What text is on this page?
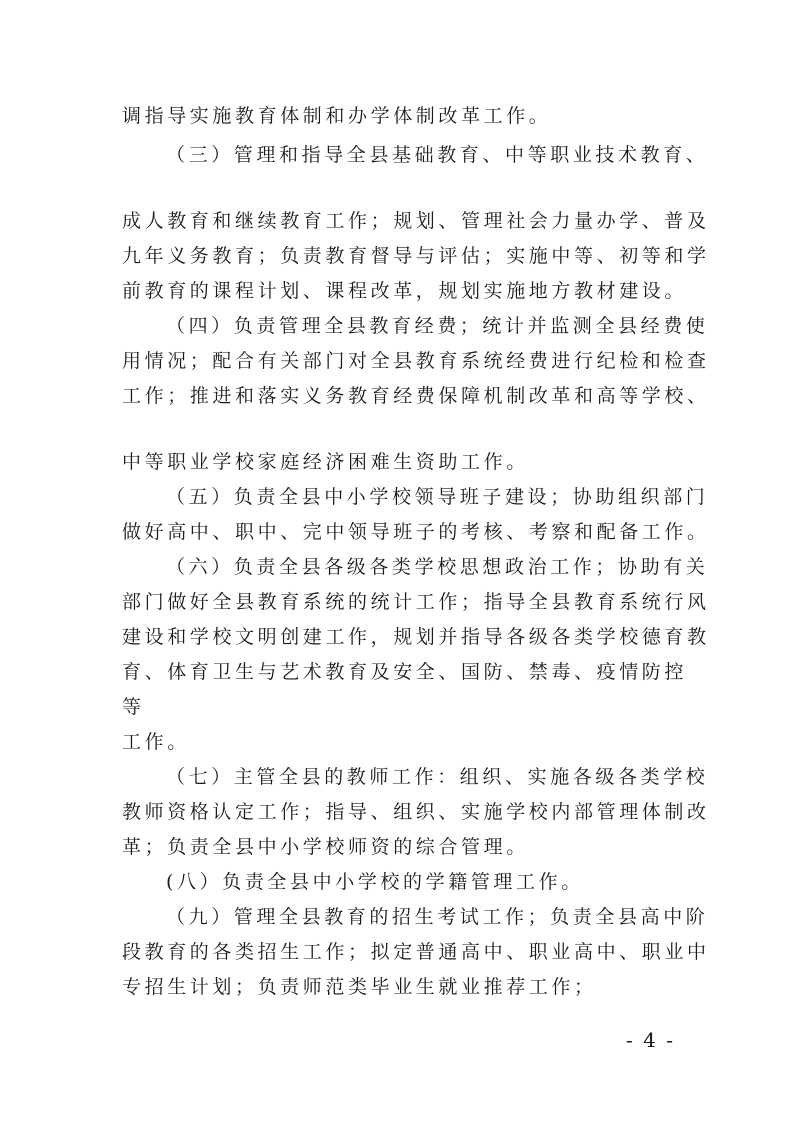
调指导实施教育体制和办学体制改革工作。
（三）管理和指导全县基础教育、中等职业技术教育、
成人教育和继续教育工作；规划、管理社会力量办学、普及
九年义务教育；负责教育督导与评估；实施中等、初等和学
前教育的课程计划、课程改革，规划实施地方教材建设。
（四）负责管理全县教育经费；统计并监测全县经费使
用情况；配合有关部门对全县教育系统经费进行纪检和检查
工作；推进和落实义务教育经费保障机制改革和高等学校、
中等职业学校家庭经济困难生资助工作。
（五）负责全县中小学校领导班子建设；协助组织部门
做好高中、职中、完中领导班子的考核、考察和配备工作。
（六）负责全县各级各类学校思想政治工作；协助有关
部门做好全县教育系统的统计工作；指导全县教育系统行风
建设和学校文明创建工作，规划并指导各级各类学校德育教
育、体育卫生与艺术教育及安全、国防、禁毒、疫情防控
等
工作。
（七）主管全县的教师工作：组织、实施各级各类学校
教师资格认定工作；指导、组织、实施学校内部管理体制改
革；负责全县中小学校师资的综合管理。
(八）负责全县中小学校的学籍管理工作。
（九）管理全县教育的招生考试工作；负责全县高中阶
段教育的各类招生工作；拟定普通高中、职业高中、职业中
专招生计划；负责师范类毕业生就业推荐工作；
- 4 -
